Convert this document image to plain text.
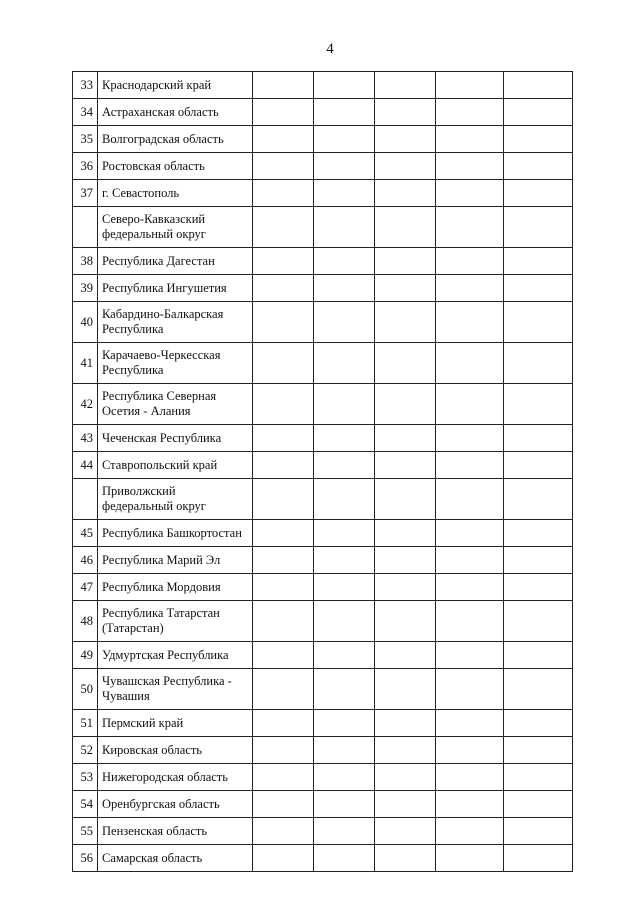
4
33	Краснодарский край					
34	Астраханская область					
35	Волгоградская область					
36	Ростовская область					
37	г. Севастополь					
	Северо-Кавказский федеральный округ					
38	Республика Дагестан					
39	Республика Ингушетия					
40	Кабардино-Балкарская Республика					
41	Карачаево-Черкесская Республика					
42	Республика Северная Осетия - Алания					
43	Чеченская Республика					
44	Ставропольский край					
	Приволжский федеральный округ					
45	Республика Башкортостан					
46	Республика Марий Эл					
47	Республика Мордовия					
48	Республика Татарстан (Татарстан)					
49	Удмуртская Республика					
50	Чувашская Республика - Чувашия					
51	Пермский край					
52	Кировская область					
53	Нижегородская область					
54	Оренбургская область					
55	Пензенская область					
56	Самарская область					
